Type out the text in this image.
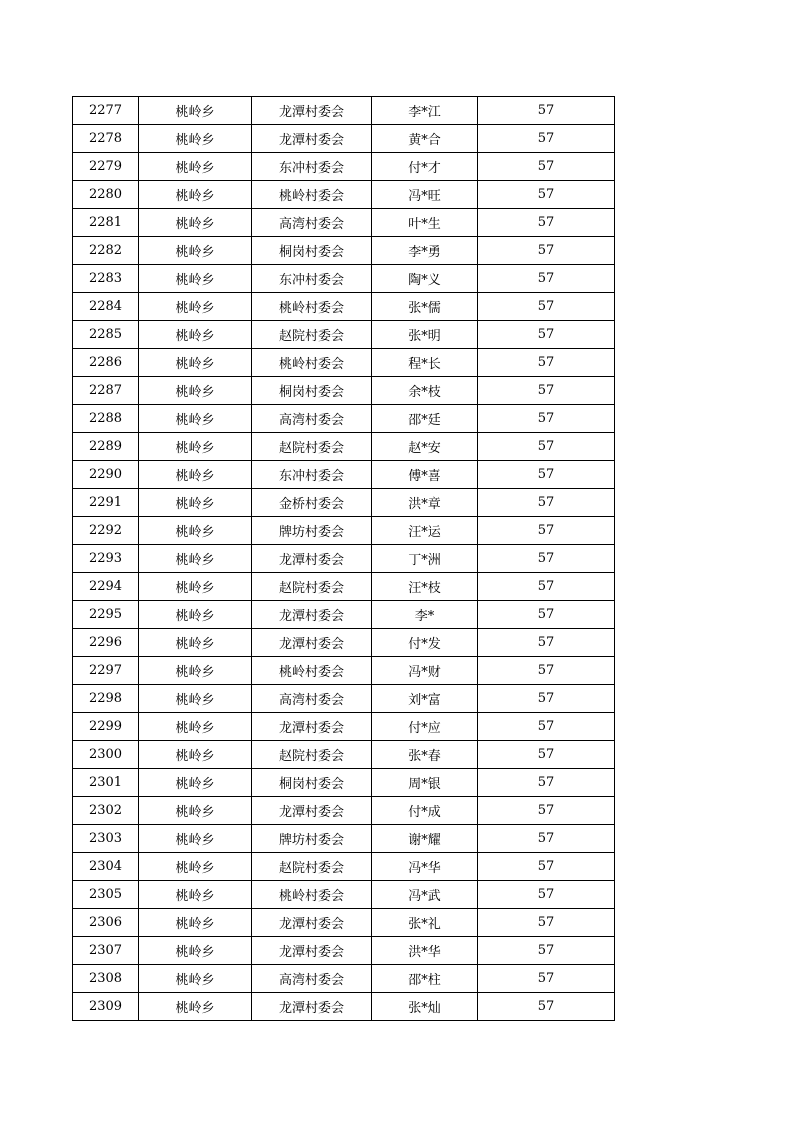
2277	桃岭乡	龙潭村委会	李*江	57
2278	桃岭乡	龙潭村委会	黄*合	57
2279	桃岭乡	东冲村委会	付*才	57
2280	桃岭乡	桃岭村委会	冯*旺	57
2281	桃岭乡	高湾村委会	叶*生	57
2282	桃岭乡	桐岗村委会	李*勇	57
2283	桃岭乡	东冲村委会	陶*义	57
2284	桃岭乡	桃岭村委会	张*儒	57
2285	桃岭乡	赵院村委会	张*明	57
2286	桃岭乡	桃岭村委会	程*长	57
2287	桃岭乡	桐岗村委会	余*枝	57
2288	桃岭乡	高湾村委会	邵*廷	57
2289	桃岭乡	赵院村委会	赵*安	57
2290	桃岭乡	东冲村委会	傅*喜	57
2291	桃岭乡	金桥村委会	洪*章	57
2292	桃岭乡	牌坊村委会	汪*运	57
2293	桃岭乡	龙潭村委会	丁*洲	57
2294	桃岭乡	赵院村委会	汪*枝	57
2295	桃岭乡	龙潭村委会	李*	57
2296	桃岭乡	龙潭村委会	付*发	57
2297	桃岭乡	桃岭村委会	冯*财	57
2298	桃岭乡	高湾村委会	刘*富	57
2299	桃岭乡	龙潭村委会	付*应	57
2300	桃岭乡	赵院村委会	张*春	57
2301	桃岭乡	桐岗村委会	周*银	57
2302	桃岭乡	龙潭村委会	付*成	57
2303	桃岭乡	牌坊村委会	谢*耀	57
2304	桃岭乡	赵院村委会	冯*华	57
2305	桃岭乡	桃岭村委会	冯*武	57
2306	桃岭乡	龙潭村委会	张*礼	57
2307	桃岭乡	龙潭村委会	洪*华	57
2308	桃岭乡	高湾村委会	邵*柱	57
2309	桃岭乡	龙潭村委会	张*灿	57
